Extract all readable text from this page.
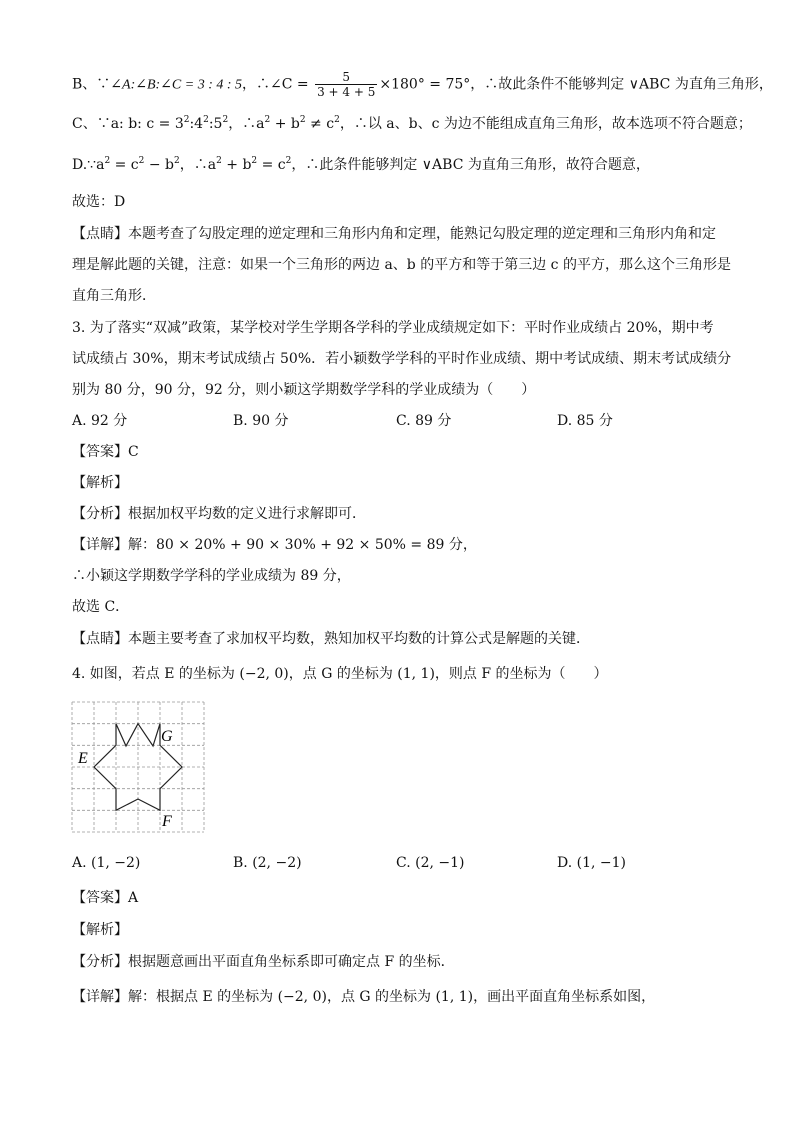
B、∵∠A:∠B:∠C = 3 : 4 : 5，∴∠C = $\frac{5}{3 + 4 + 5} \times 180^\circ = 75^\circ$，∴故此条件不能够判定 ∨ABC 为直角三角形，
C、∵a: b: $c = 3^2:4^2:5^2$，$\therefore a^2 + b^2 \ne c^2$，∴以 a、b、c 为边不能组成直角三角形，故本选项不符合题意；
$D.\because a^2 = c^2 - b^2$，$\therefore a^2 + b^2 = c^2$，∴此条件能够判定 ∨ABC 为直角三角形，故符合题意，
故选：D
【点睛】本题考查了勾股定理的逆定理和三角形内角和定理，能熟记勾股定理的逆定理和三角形内角和定
理是解此题的关键，注意：如果一个三角形的两边 a、b 的平方和等于第三边 c 的平方，那么这个三角形是
直角三角形．
3. 为了落实“双减”政策，某学校对学生学期各学科的学业成绩规定如下：平时作业成绩占 20%，期中考
试成绩占 30%，期末考试成绩占 50%．若小颖数学学科的平时作业成绩、期中考试成绩、期末考试成绩分
别为 80 分，90 分，92 分，则小颖这学期数学学科的学业成绩为（　　）
A. 92 分	B. 90 分	C. 89 分	D. 85 分
【答案】C
【解析】
【分析】根据加权平均数的定义进行求解即可．
【详解】解：80 × 20% + 90 × 30% + 92 × 50% = 89 分，
∴小颖这学期数学学科的学业成绩为 89 分，
故选 C．
【点睛】本题主要考查了求加权平均数，熟知加权平均数的计算公式是解题的关键．
4. 如图，若点 E 的坐标为 (−2, 0)，点 G 的坐标为 (1, 1)，则点 F 的坐标为（　　）
E
G
F
A. (1, −2)	B. (2, −2)	C. (2, −1)	D. (1, −1)
【答案】A
【解析】
【分析】根据题意画出平面直角坐标系即可确定点 F 的坐标．
【详解】解：根据点 E 的坐标为 (−2, 0)，点 G 的坐标为 (1, 1)，画出平面直角坐标系如图，
